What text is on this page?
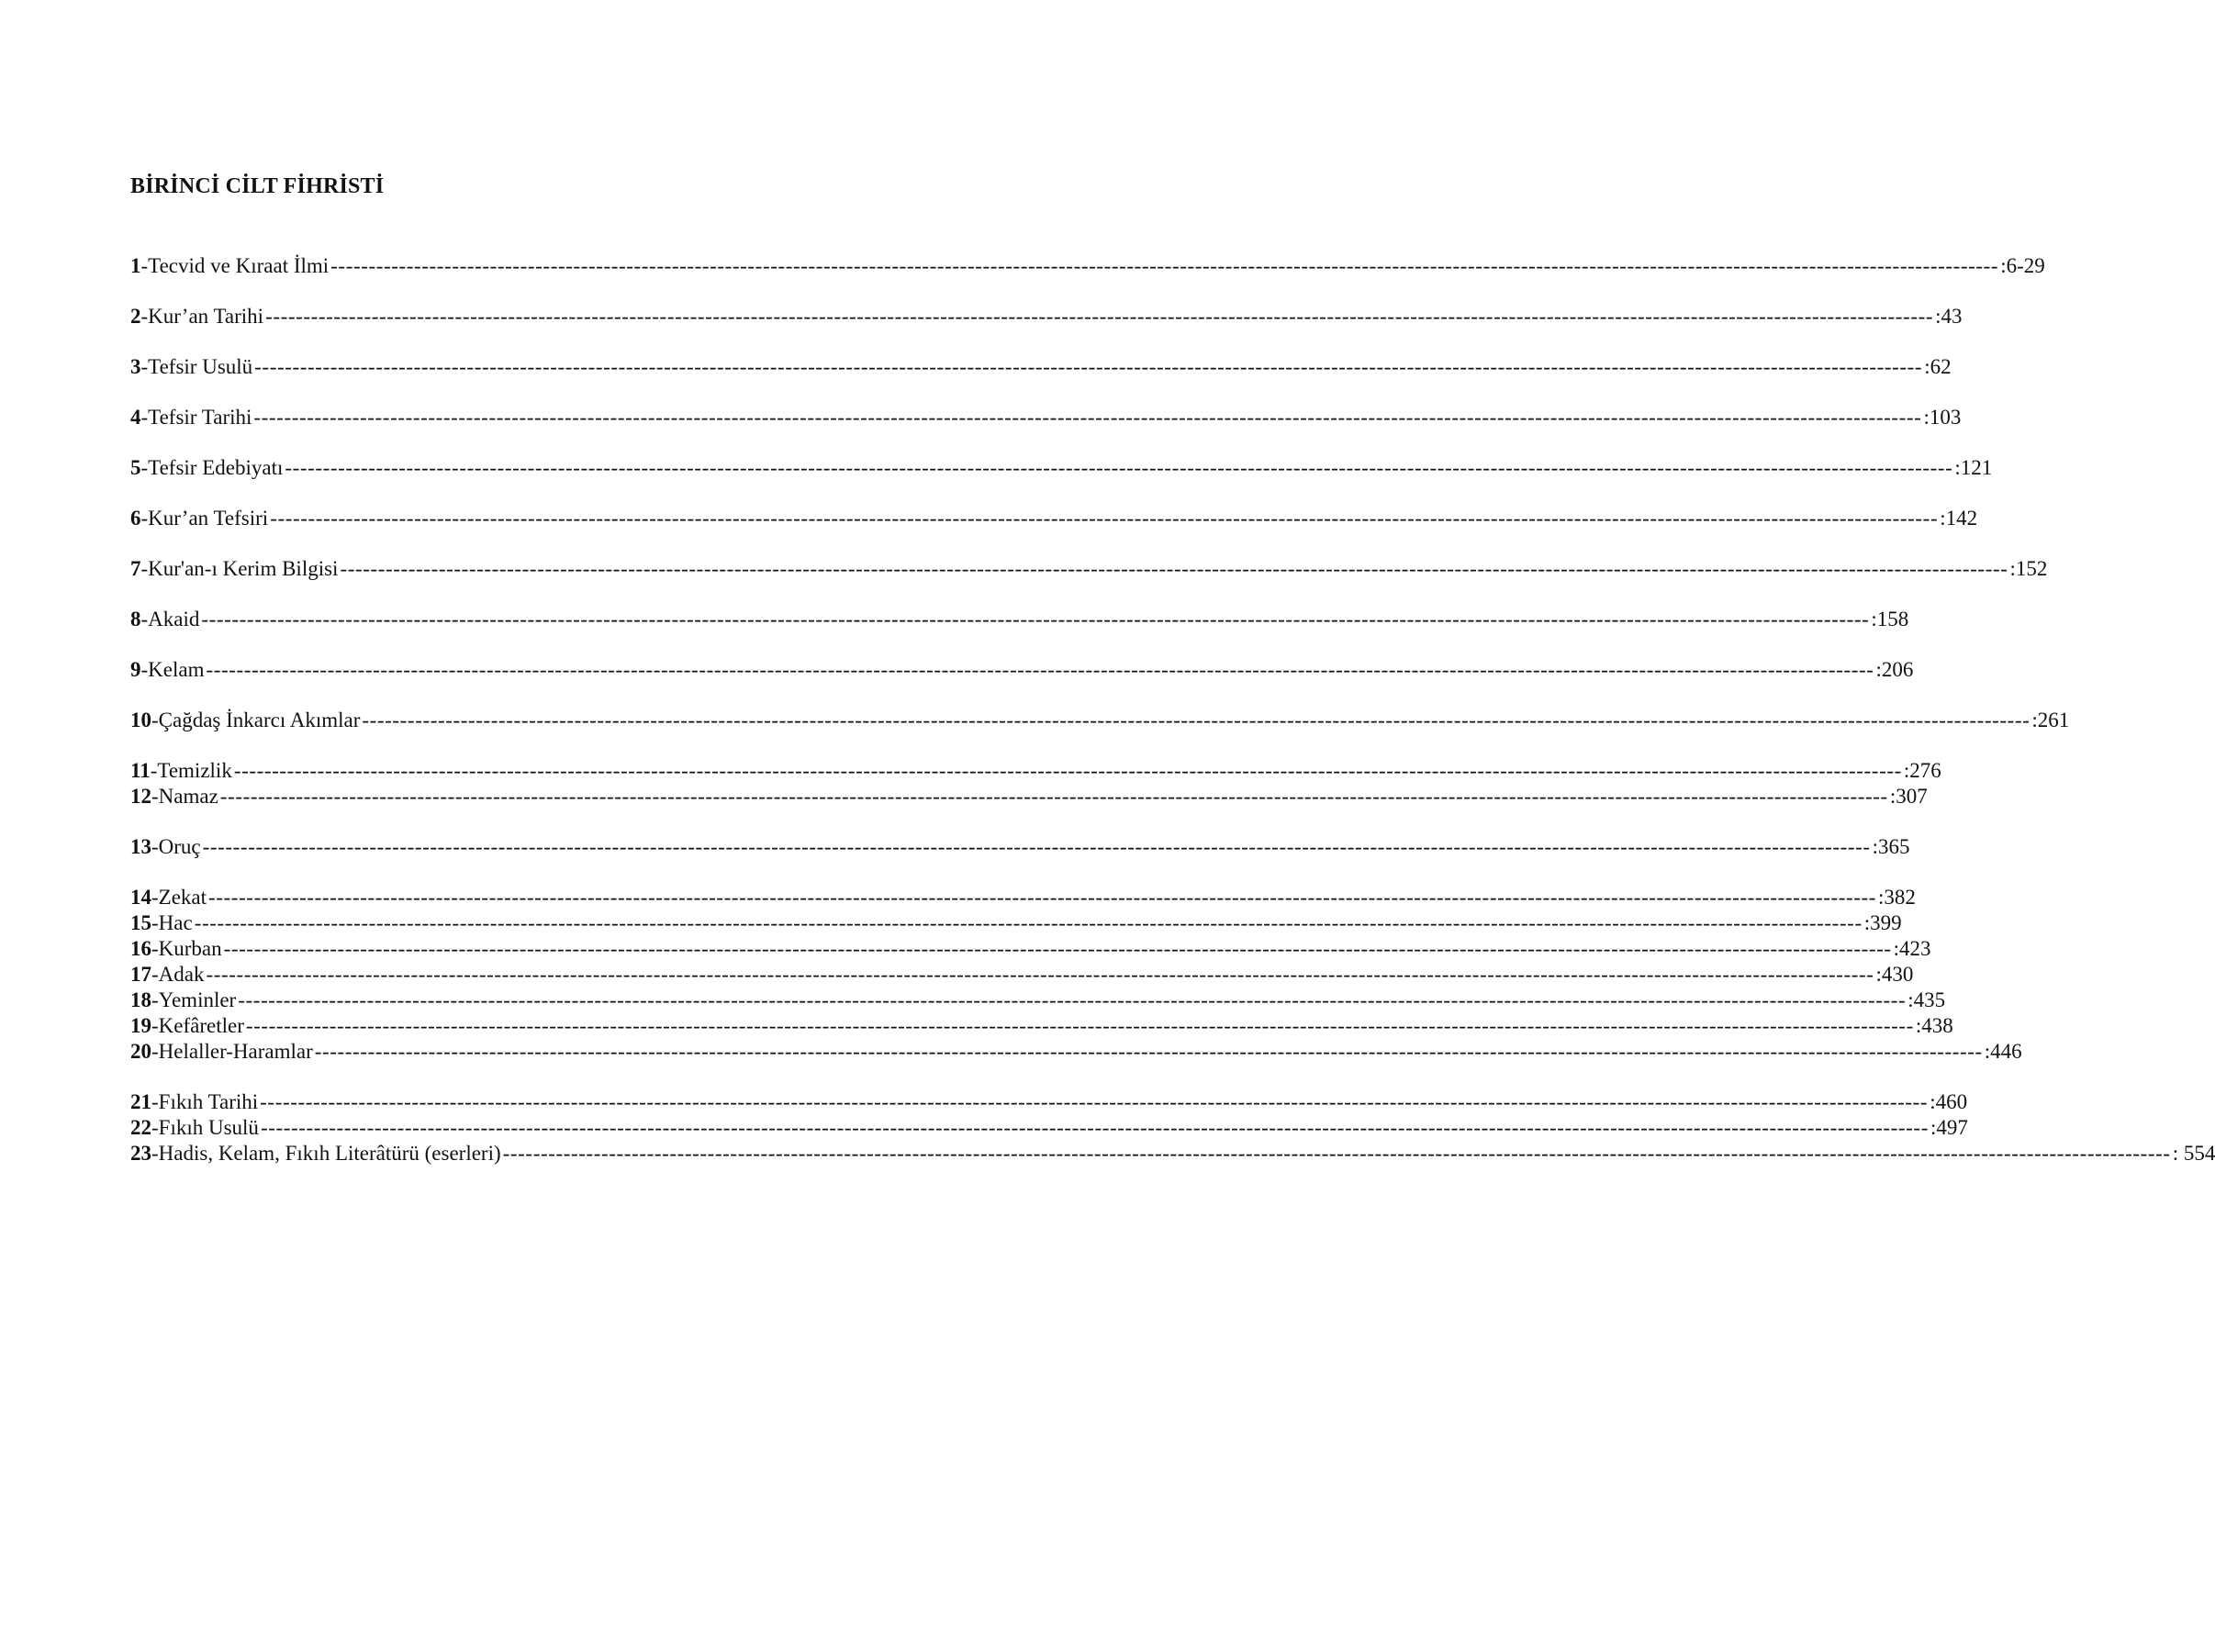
BİRİNCİ CİLT FİHRİSTİ
1-Tecvid ve Kıraat İlmi ---------------------------------------------------------------------------------------------------------------------------------------------------------------------------------------------------------------------------- :6-29
2-Kur’an Tarihi ---------------------------------------------------------------------------------------------------------------------------------------------------------------------------------------------------------------------------- :43
3-Tefsir Usulü ---------------------------------------------------------------------------------------------------------------------------------------------------------------------------------------------------------------------------- :62
4-Tefsir Tarihi ---------------------------------------------------------------------------------------------------------------------------------------------------------------------------------------------------------------------------- :103
5-Tefsir Edebiyatı ---------------------------------------------------------------------------------------------------------------------------------------------------------------------------------------------------------------------------- :121
6-Kur’an Tefsiri ---------------------------------------------------------------------------------------------------------------------------------------------------------------------------------------------------------------------------- :142
7-Kur'an-ı Kerim Bilgisi ---------------------------------------------------------------------------------------------------------------------------------------------------------------------------------------------------------------------------- :152
8-Akaid ---------------------------------------------------------------------------------------------------------------------------------------------------------------------------------------------------------------------------- :158
9-Kelam ---------------------------------------------------------------------------------------------------------------------------------------------------------------------------------------------------------------------------- :206
10-Çağdaş İnkarcı Akımlar ---------------------------------------------------------------------------------------------------------------------------------------------------------------------------------------------------------------------------- :261
11-Temizlik ---------------------------------------------------------------------------------------------------------------------------------------------------------------------------------------------------------------------------- :276
12-Namaz ---------------------------------------------------------------------------------------------------------------------------------------------------------------------------------------------------------------------------- :307
13-Oruç ---------------------------------------------------------------------------------------------------------------------------------------------------------------------------------------------------------------------------- :365
14-Zekat ---------------------------------------------------------------------------------------------------------------------------------------------------------------------------------------------------------------------------- :382
15-Hac ---------------------------------------------------------------------------------------------------------------------------------------------------------------------------------------------------------------------------- :399
16-Kurban ---------------------------------------------------------------------------------------------------------------------------------------------------------------------------------------------------------------------------- :423
17-Adak ---------------------------------------------------------------------------------------------------------------------------------------------------------------------------------------------------------------------------- :430
18-Yeminler ---------------------------------------------------------------------------------------------------------------------------------------------------------------------------------------------------------------------------- :435
19-Kefâretler ---------------------------------------------------------------------------------------------------------------------------------------------------------------------------------------------------------------------------- :438
20-Helaller-Haramlar ---------------------------------------------------------------------------------------------------------------------------------------------------------------------------------------------------------------------------- :446
21-Fıkıh Tarihi ---------------------------------------------------------------------------------------------------------------------------------------------------------------------------------------------------------------------------- :460
22-Fıkıh Usulü ---------------------------------------------------------------------------------------------------------------------------------------------------------------------------------------------------------------------------- :497
23-Hadis, Kelam, Fıkıh Literâtürü (eserleri) ---------------------------------------------------------------------------------------------------------------------------------------------------------------------------------------------------------------------------- : 554
